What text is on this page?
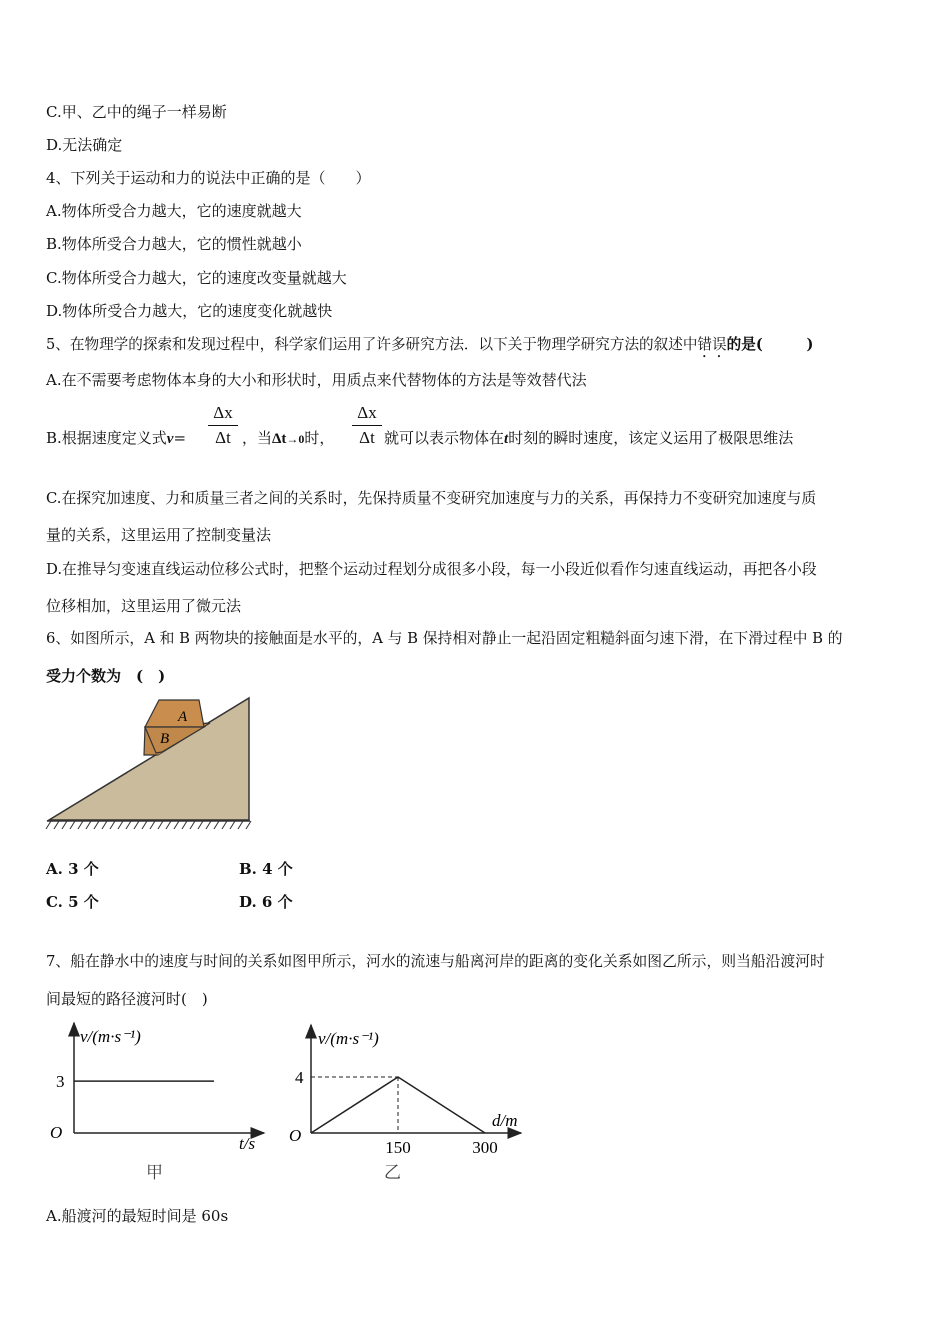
C.甲、乙中的绳子一样易断
D.无法确定
4、下列关于运动和力的说法中正确的是（　　）
A.物体所受合力越大，它的速度就越大
B.物体所受合力越大，它的惯性就越小
C.物体所受合力越大，它的速度改变量就越大
D.物体所受合力越大，它的速度变化就越快
5、在物理学的探索和发现过程中，科学家们运用了许多研究方法．以下关于物理学研究方法的叙述中错误的是(　　　)
A.在不需要考虑物体本身的大小和形状时，用质点来代替物体的方法是等效替代法
B.根据速度定义式v=
Δx
Δt ，当Δt→0时，
Δx
Δt 就可以表示物体在t时刻的瞬时速度，该定义运用了极限思维法
C.在探究加速度、力和质量三者之间的关系时，先保持质量不变研究加速度与力的关系，再保持力不变研究加速度与质
量的关系，这里运用了控制变量法
D.在推导匀变速直线运动位移公式时，把整个运动过程划分成很多小段，每一小段近似看作匀速直线运动，再把各小段
位移相加，这里运用了微元法
6、如图所示，A 和 B 两物块的接触面是水平的，A 与 B 保持相对静止一起沿固定粗糙斜面匀速下滑，在下滑过程中 B 的
受力个数为　(　)
A
B
A. 3 个	B. 4 个
C. 5 个	D. 6 个
7、船在静水中的速度与时间的关系如图甲所示，河水的流速与船离河岸的距离的变化关系如图乙所示，则当船沿渡河时
间最短的路径渡河时(　)
v/(m·s⁻¹)
3
O
t/s
甲
v/(m·s⁻¹)
4
O
150	300
d/m
乙
A.船渡河的最短时间是 60s
